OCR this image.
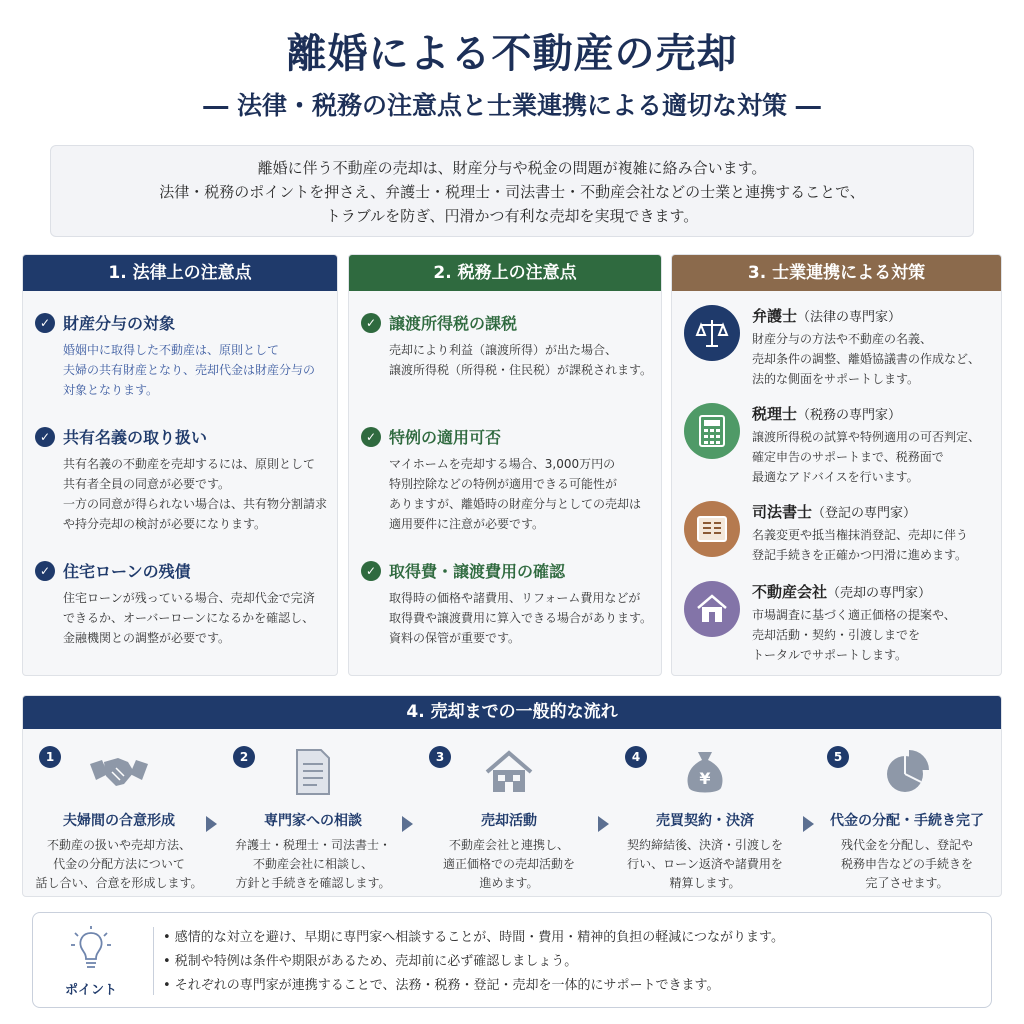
離婚による不動産の売却
― 法律・税務の注意点と士業連携による適切な対策 ―
離婚に伴う不動産の売却は、財産分与や税金の問題が複雑に絡み合います。
法律・税務のポイントを押さえ、弁護士・税理士・司法書士・不動産会社などの士業と連携することで、
トラブルを防ぎ、円滑かつ有利な売却を実現できます。
1. 法律上の注意点
✓ 財産分与の対象
婚姻中に取得した不動産は、原則として
夫婦の共有財産となり、売却代金は財産分与の
対象となります。
✓ 共有名義の取り扱い
共有名義の不動産を売却するには、原則として
共有者全員の同意が必要です。
一方の同意が得られない場合は、共有物分割請求
や持分売却の検討が必要になります。
✓ 住宅ローンの残債
住宅ローンが残っている場合、売却代金で完済
できるか、オーバーローンになるかを確認し、
金融機関との調整が必要です。
2. 税務上の注意点
✓ 譲渡所得税の課税
売却により利益（譲渡所得）が出た場合、
譲渡所得税（所得税・住民税）が課税されます。
✓ 特例の適用可否
マイホームを売却する場合、3,000万円の
特別控除などの特例が適用できる可能性が
ありますが、離婚時の財産分与としての売却は
適用要件に注意が必要です。
✓ 取得費・譲渡費用の確認
取得時の価格や諸費用、リフォーム費用などが
取得費や譲渡費用に算入できる場合があります。
資料の保管が重要です。
3. 士業連携による対策
弁護士（法律の専門家）
財産分与の方法や不動産の名義、
売却条件の調整、離婚協議書の作成など、
法的な側面をサポートします。
税理士（税務の専門家）
譲渡所得税の試算や特例適用の可否判定、
確定申告のサポートまで、税務面で
最適なアドバイスを行います。
司法書士（登記の専門家）
名義変更や抵当権抹消登記、売却に伴う
登記手続きを正確かつ円滑に進めます。
不動産会社（売却の専門家）
市場調査に基づく適正価格の提案や、
売却活動・契約・引渡しまでを
トータルでサポートします。
4. 売却までの一般的な流れ
1
夫婦間の合意形成
不動産の扱いや売却方法、
代金の分配方法について
話し合い、合意を形成します。
2
専門家への相談
弁護士・税理士・司法書士・
不動産会社に相談し、
方針と手続きを確認します。
3
売却活動
不動産会社と連携し、
適正価格での売却活動を
進めます。
4
¥
売買契約・決済
契約締結後、決済・引渡しを
行い、ローン返済や諸費用を
精算します。
5
代金の分配・手続き完了
残代金を分配し、登記や
税務申告などの手続きを
完了させます。
ポイント
• 感情的な対立を避け、早期に専門家へ相談することが、時間・費用・精神的負担の軽減につながります。
• 税制や特例は条件や期限があるため、売却前に必ず確認しましょう。
• それぞれの専門家が連携することで、法務・税務・登記・売却を一体的にサポートできます。
